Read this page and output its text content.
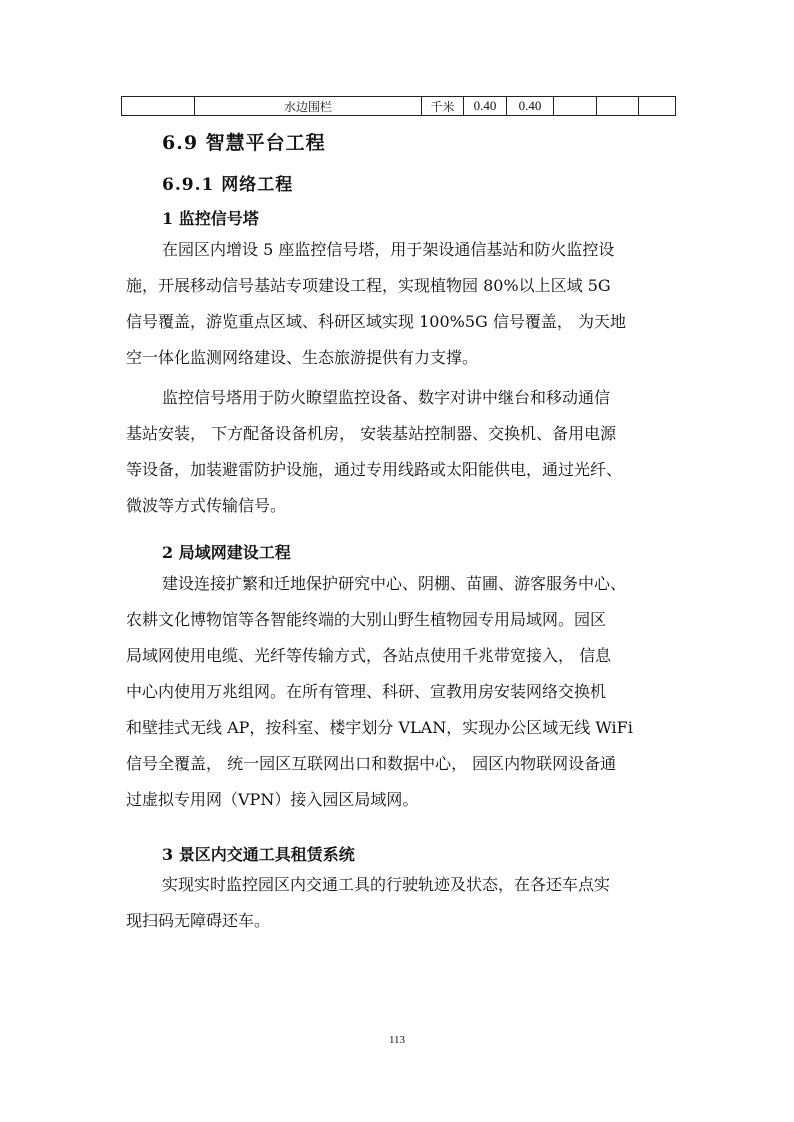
	水边围栏	千米	0.40	0.40			
6.9 智慧平台工程
6.9.1 网络工程
1 监控信号塔
在园区内增设 5 座监控信号塔，用于架设通信基站和防火监控设
施，开展移动信号基站专项建设工程，实现植物园 80%以上区域 5G
信号覆盖，游览重点区域、科研区域实现 100%5G 信号覆盖， 为天地
空一体化监测网络建设、生态旅游提供有力支撑。
监控信号塔用于防火瞭望监控设备、数字对讲中继台和移动通信
基站安装， 下方配备设备机房， 安装基站控制器、交换机、备用电源
等设备，加装避雷防护设施，通过专用线路或太阳能供电，通过光纤、
微波等方式传输信号。
2 局域网建设工程
建设连接扩繁和迁地保护研究中心、阴棚、苗圃、游客服务中心、
农耕文化博物馆等各智能终端的大别山野生植物园专用局域网。园区
局域网使用电缆、光纤等传输方式，各站点使用千兆带宽接入， 信息
中心内使用万兆组网。在所有管理、科研、宣教用房安装网络交换机
和壁挂式无线 AP，按科室、楼宇划分 VLAN，实现办公区域无线 WiFi
信号全覆盖， 统一园区互联网出口和数据中心， 园区内物联网设备通
过虚拟专用网（VPN）接入园区局域网。
3 景区内交通工具租赁系统
实现实时监控园区内交通工具的行驶轨迹及状态，在各还车点实
现扫码无障碍还车。
113
